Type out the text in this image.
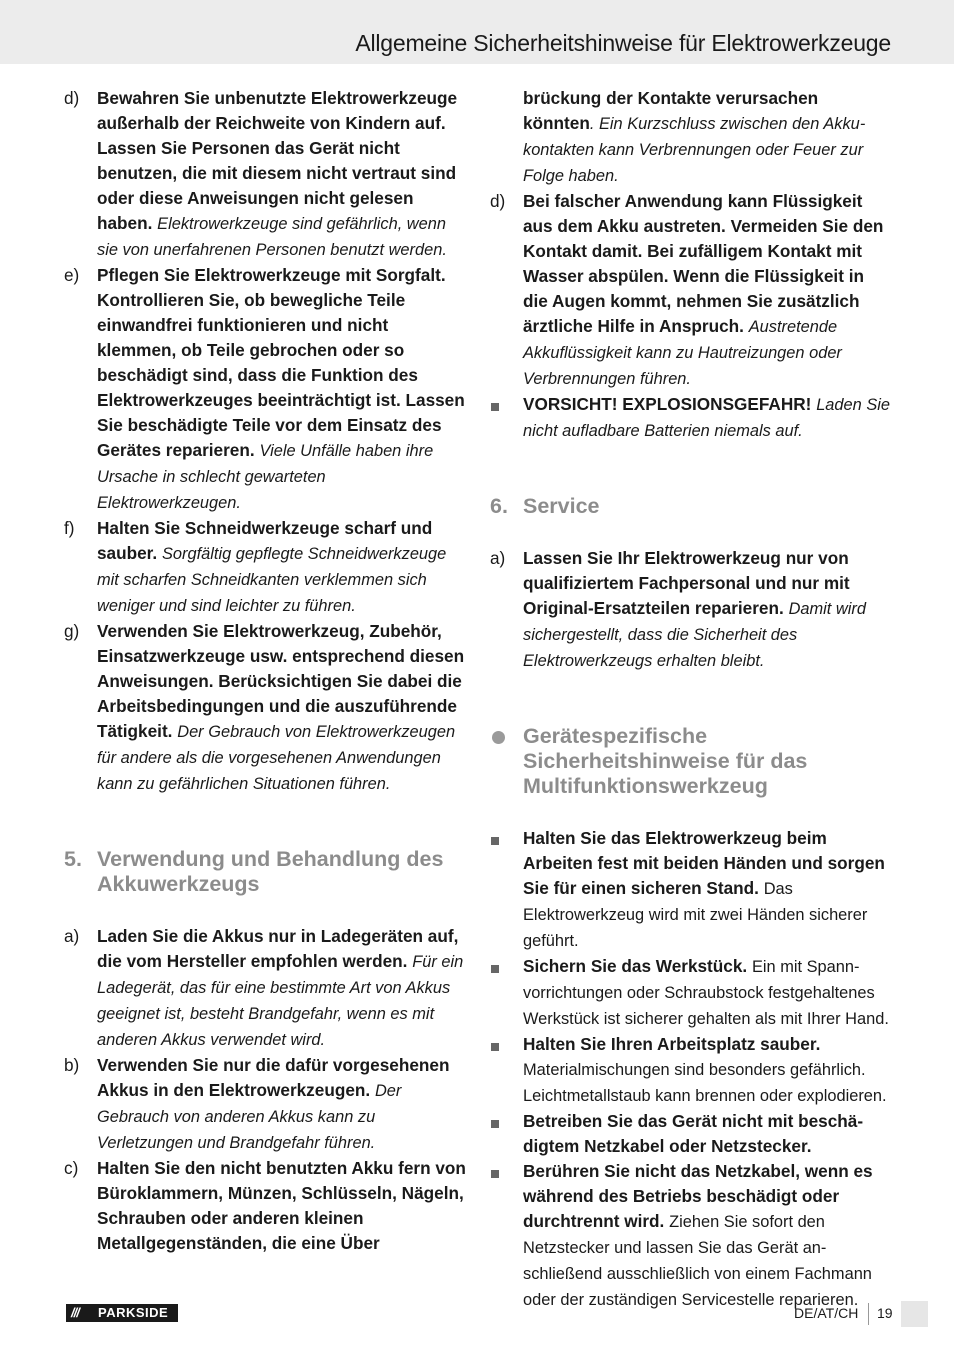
Allgemeine Sicherheitshinweise für Elektrowerkzeuge
d) Bewahren Sie unbenutzte Elektrowerkzeuge außerhalb der Reichweite von Kindern auf. Lassen Sie Personen das Gerät nicht benutzen, die mit diesem nicht vertraut sind oder diese Anweisungen nicht gelesen haben. Elektrowerkzeuge sind gefährlich, wenn sie von unerfahrenen Personen benutzt werden.
e) Pflegen Sie Elektrowerkzeuge mit Sorgfalt. Kontrollieren Sie, ob bewegliche Teile einwandfrei funktionieren und nicht klemmen, ob Teile gebrochen oder so beschädigt sind, dass die Funktion des Elektrowerkzeuges beeinträchtigt ist. Lassen Sie beschädigte Teile vor dem Einsatz des Gerätes reparieren. Viele Unfälle haben ihre Ursache in schlecht gewarteten Elektrowerkzeugen.
f) Halten Sie Schneidwerkzeuge scharf und sauber. Sorgfältig gepflegte Schneidwerkzeuge mit scharfen Schneidkanten verklemmen sich weniger und sind leichter zu führen.
g) Verwenden Sie Elektrowerkzeug, Zubehör, Einsatzwerkzeuge usw. entsprechend diesen Anweisungen. Berücksichtigen Sie dabei die Arbeitsbedingungen und die auszuführende Tätigkeit. Der Gebrauch von Elektrowerkzeugen für andere als die vorgesehenen Anwendungen kann zu gefährlichen Situationen führen.
5. Verwendung und Behandlung des Akkuwerkzeugs
a) Laden Sie die Akkus nur in Ladegeräten auf, die vom Hersteller empfohlen werden. Für ein Ladegerät, das für eine bestimmte Art von Akkus geeignet ist, besteht Brandgefahr, wenn es mit anderen Akkus verwendet wird.
b) Verwenden Sie nur die dafür vorgesehenen Akkus in den Elektrowerkzeugen. Der Gebrauch von anderen Akkus kann zu Verletzungen und Brandgefahr führen.
c) Halten Sie den nicht benutzten Akku fern von Büroklammern, Münzen, Schlüsseln, Nägeln, Schrauben oder anderen kleinen Metallgegenständen, die eine Über
brückung der Kontakte verursachen könnten. Ein Kurzschluss zwischen den Akkukontakten kann Verbrennungen oder Feuer zur Folge haben.
d) Bei falscher Anwendung kann Flüssigkeit aus dem Akku austreten. Vermeiden Sie den Kontakt damit. Bei zufälligem Kontakt mit Wasser abspülen. Wenn die Flüssigkeit in die Augen kommt, nehmen Sie zusätzlich ärztliche Hilfe in Anspruch. Austretende Akkuflüssigkeit kann zu Hautreizungen oder Verbrennungen führen.
VORSICHT! EXPLOSIONSGEFAHR! Laden Sie nicht aufladbare Batterien niemals auf.
6. Service
a) Lassen Sie Ihr Elektrowerkzeug nur von qualifiziertem Fachpersonal und nur mit Original-Ersatzteilen reparieren. Damit wird sichergestellt, dass die Sicherheit des Elektrowerkzeugs erhalten bleibt.
Gerätespezifische Sicherheitshinweise für das Multifunktionswerkzeug
Halten Sie das Elektrowerkzeug beim Arbeiten fest mit beiden Händen und sorgen Sie für einen sicheren Stand. Das Elektrowerkzeug wird mit zwei Händen sicherer geführt.
Sichern Sie das Werkstück. Ein mit Spannvorrichtungen oder Schraubstock festgehaltenes Werkstück ist sicherer gehalten als mit Ihrer Hand.
Halten Sie Ihren Arbeitsplatz sauber. Materialmischungen sind besonders gefährlich. Leichtmetallstaub kann brennen oder explodieren.
Betreiben Sie das Gerät nicht mit beschädigtem Netzkabel oder Netzstecker.
Berühren Sie nicht das Netzkabel, wenn es während des Betriebs beschädigt oder durchtrennt wird. Ziehen Sie sofort den Netzstecker und lassen Sie das Gerät anschließend ausschließlich von einem Fachmann oder der zuständigen Servicestelle reparieren.
/// PARKSIDE	DE/AT/CH 19
